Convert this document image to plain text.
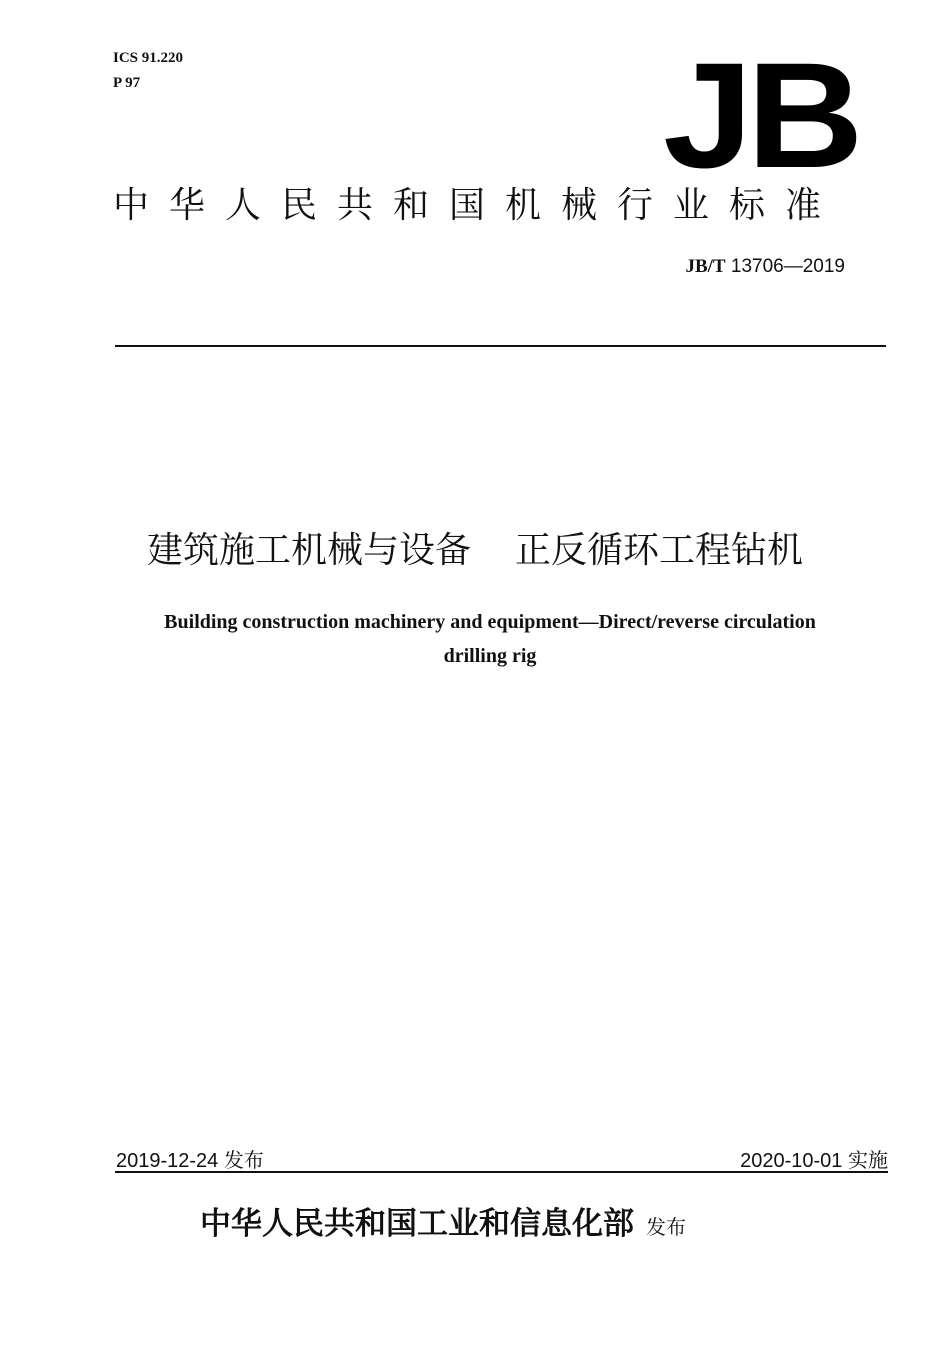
ICS 91.220
P 97	JB
中华人民共和国机械行业标准
JB/T 13706—2019
建筑施工机械与设备 正反循环工程钻机
Building construction machinery and equipment—Direct/reverse circulation
drilling rig
2019-12-24 发布	2020-10-01 实施
中华人民共和国工业和信息化部 发布
